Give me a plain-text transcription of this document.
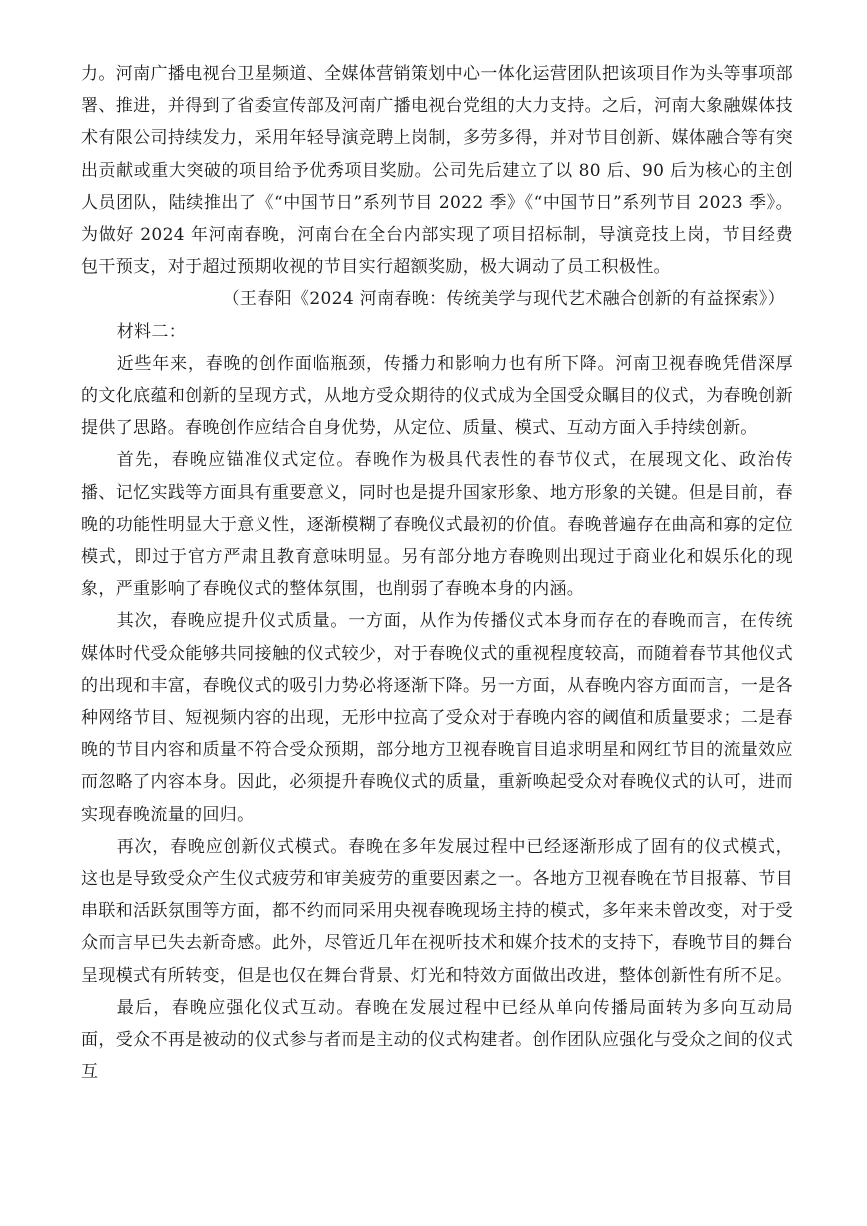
力。河南广播电视台卫星频道、全媒体营销策划中心一体化运营团队把该项目作为头等事项部署、推进，并得到了省委宣传部及河南广播电视台党组的大力支持。之后，河南大象融媒体技术有限公司持续发力，采用年轻导演竞聘上岗制，多劳多得，并对节目创新、媒体融合等有突出贡献或重大突破的项目给予优秀项目奖励。公司先后建立了以 80 后、90 后为核心的主创人员团队，陆续推出了《“中国节日”系列节目 2022 季》《“中国节日”系列节目 2023 季》。为做好 2024 年河南春晚，河南台在全台内部实现了项目招标制，导演竞技上岗，节目经费包干预支，对于超过预期收视的节目实行超额奖励，极大调动了员工积极性。

（王春阳《2024 河南春晚：传统美学与现代艺术融合创新的有益探索》）

材料二：

近些年来，春晚的创作面临瓶颈，传播力和影响力也有所下降。河南卫视春晚凭借深厚的文化底蕴和创新的呈现方式，从地方受众期待的仪式成为全国受众瞩目的仪式，为春晚创新提供了思路。春晚创作应结合自身优势，从定位、质量、模式、互动方面入手持续创新。

首先，春晚应锚准仪式定位。春晚作为极具代表性的春节仪式，在展现文化、政治传播、记忆实践等方面具有重要意义，同时也是提升国家形象、地方形象的关键。但是目前，春晚的功能性明显大于意义性，逐渐模糊了春晚仪式最初的价值。春晚普遍存在曲高和寡的定位模式，即过于官方严肃且教育意味明显。另有部分地方春晚则出现过于商业化和娱乐化的现象，严重影响了春晚仪式的整体氛围，也削弱了春晚本身的内涵。

其次，春晚应提升仪式质量。一方面，从作为传播仪式本身而存在的春晚而言，在传统媒体时代受众能够共同接触的仪式较少，对于春晚仪式的重视程度较高，而随着春节其他仪式的出现和丰富，春晚仪式的吸引力势必将逐渐下降。另一方面，从春晚内容方面而言，一是各种网络节目、短视频内容的出现，无形中拉高了受众对于春晚内容的阈值和质量要求；二是春晚的节目内容和质量不符合受众预期，部分地方卫视春晚盲目追求明星和网红节目的流量效应而忽略了内容本身。因此，必须提升春晚仪式的质量，重新唤起受众对春晚仪式的认可，进而实现春晚流量的回归。

再次，春晚应创新仪式模式。春晚在多年发展过程中已经逐渐形成了固有的仪式模式，这也是导致受众产生仪式疲劳和审美疲劳的重要因素之一。各地方卫视春晚在节目报幕、节目串联和活跃氛围等方面，都不约而同采用央视春晚现场主持的模式，多年来未曾改变，对于受众而言早已失去新奇感。此外，尽管近几年在视听技术和媒介技术的支持下，春晚节目的舞台呈现模式有所转变，但是也仅在舞台背景、灯光和特效方面做出改进，整体创新性有所不足。

最后，春晚应强化仪式互动。春晚在发展过程中已经从单向传播局面转为多向互动局面，受众不再是被动的仪式参与者而是主动的仪式构建者。创作团队应强化与受众之间的仪式互
